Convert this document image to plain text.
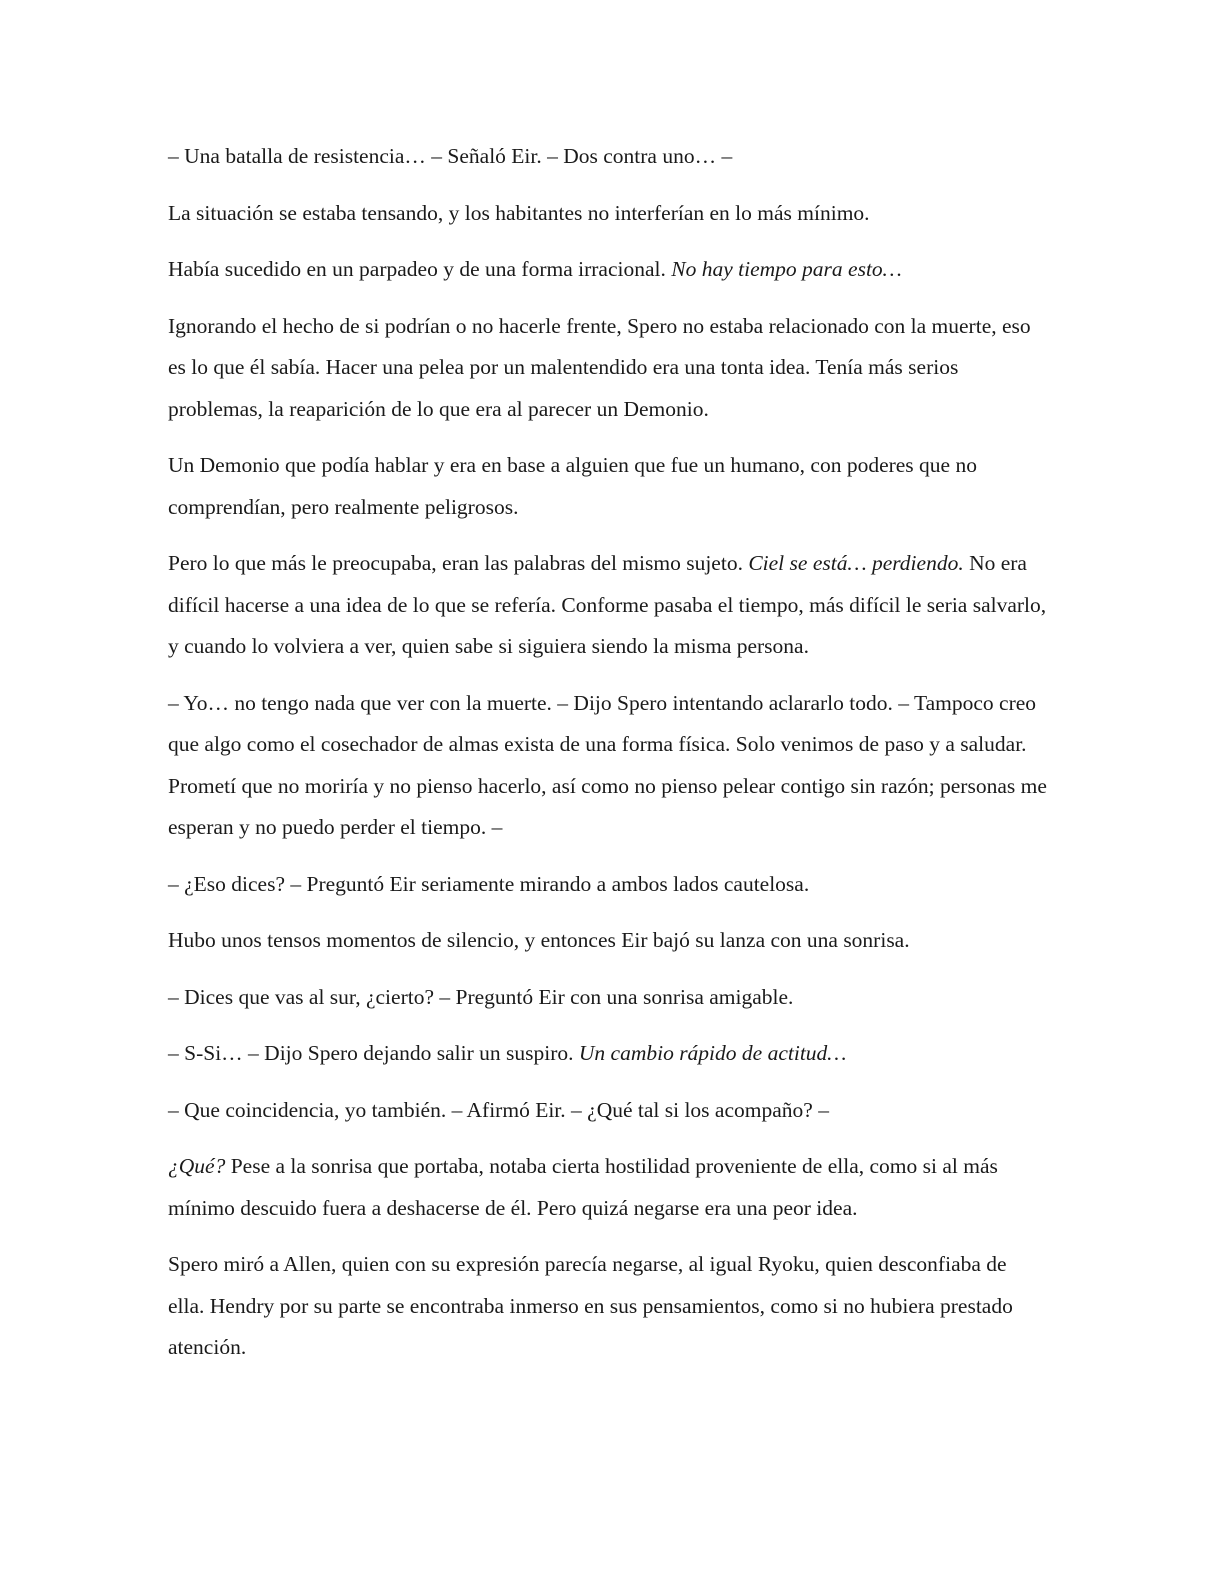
– Una batalla de resistencia… – Señaló Eir. – Dos contra uno… –

La situación se estaba tensando, y los habitantes no interferían en lo más mínimo.

Había sucedido en un parpadeo y de una forma irracional. No hay tiempo para esto…

Ignorando el hecho de si podrían o no hacerle frente, Spero no estaba relacionado con la muerte, eso es lo que él sabía. Hacer una pelea por un malentendido era una tonta idea. Tenía más serios problemas, la reaparición de lo que era al parecer un Demonio.

Un Demonio que podía hablar y era en base a alguien que fue un humano, con poderes que no comprendían, pero realmente peligrosos.

Pero lo que más le preocupaba, eran las palabras del mismo sujeto. Ciel se está… perdiendo. No era difícil hacerse a una idea de lo que se refería. Conforme pasaba el tiempo, más difícil le seria salvarlo, y cuando lo volviera a ver, quien sabe si siguiera siendo la misma persona.

– Yo… no tengo nada que ver con la muerte. – Dijo Spero intentando aclararlo todo. – Tampoco creo que algo como el cosechador de almas exista de una forma física. Solo venimos de paso y a saludar. Prometí que no moriría y no pienso hacerlo, así como no pienso pelear contigo sin razón; personas me esperan y no puedo perder el tiempo. –

– ¿Eso dices? – Preguntó Eir seriamente mirando a ambos lados cautelosa.

Hubo unos tensos momentos de silencio, y entonces Eir bajó su lanza con una sonrisa.

– Dices que vas al sur, ¿cierto? – Preguntó Eir con una sonrisa amigable.

– S-Si… – Dijo Spero dejando salir un suspiro. Un cambio rápido de actitud…

– Que coincidencia, yo también. – Afirmó Eir. – ¿Qué tal si los acompaño? –

¿Qué? Pese a la sonrisa que portaba, notaba cierta hostilidad proveniente de ella, como si al más mínimo descuido fuera a deshacerse de él. Pero quizá negarse era una peor idea.

Spero miró a Allen, quien con su expresión parecía negarse, al igual Ryoku, quien desconfiaba de ella. Hendry por su parte se encontraba inmerso en sus pensamientos, como si no hubiera prestado atención.
